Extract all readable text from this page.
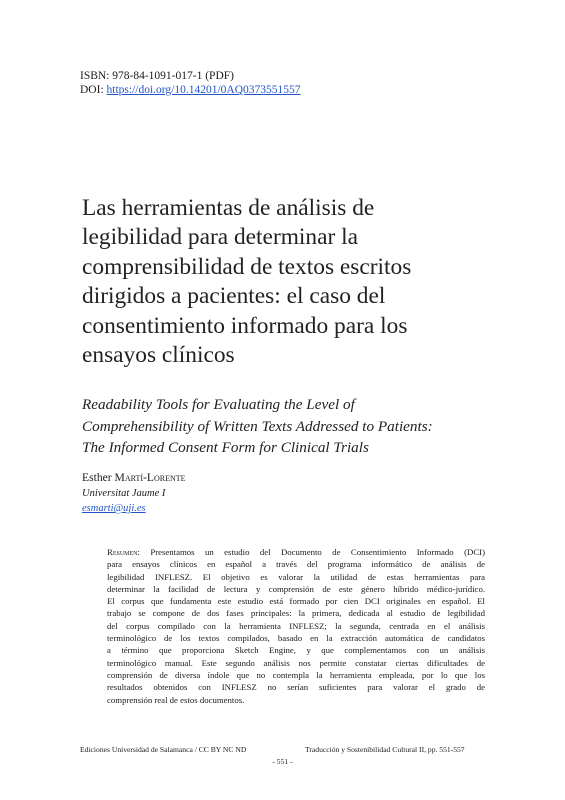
ISBN: 978-84-1091-017-1 (PDF)
DOI: https://doi.org/10.14201/0AQ0373551557
Las herramientas de análisis de
legibilidad para determinar la
comprensibilidad de textos escritos
dirigidos a pacientes: el caso del
consentimiento informado para los
ensayos clínicos
Readability Tools for Evaluating the Level of
Comprehensibility of Written Texts Addressed to Patients:
The Informed Consent Form for Clinical Trials
Esther Martí-Lorente
Universitat Jaume I
esmarti@uji.es
Resumen: Presentamos un estudio del Documento de Consentimiento Informado (DCI)
para ensayos clínicos en español a través del programa informático de análisis de
legibilidad INFLESZ. El objetivo es valorar la utilidad de estas herramientas para
determinar la facilidad de lectura y comprensión de este género híbrido médico-jurídico.
El corpus que fundamenta este estudio está formado por cien DCI originales en español. El
trabajo se compone de dos fases principales: la primera, dedicada al estudio de legibilidad
del corpus compilado con la herramienta INFLESZ; la segunda, centrada en el análisis
terminológico de los textos compilados, basado en la extracción automática de candidatos
a término que proporciona Sketch Engine, y que complementamos con un análisis
terminológico manual. Este segundo análisis nos permite constatar ciertas dificultades de
comprensión de diversa índole que no contempla la herramienta empleada, por lo que los
resultados obtenidos con INFLESZ no serían suficientes para valorar el grado de
comprensión real de estos documentos.
Ediciones Universidad de Salamanca / CC BY NC ND	Traducción y Sostenibilidad Cultural II, pp. 551-557
- 551 -
